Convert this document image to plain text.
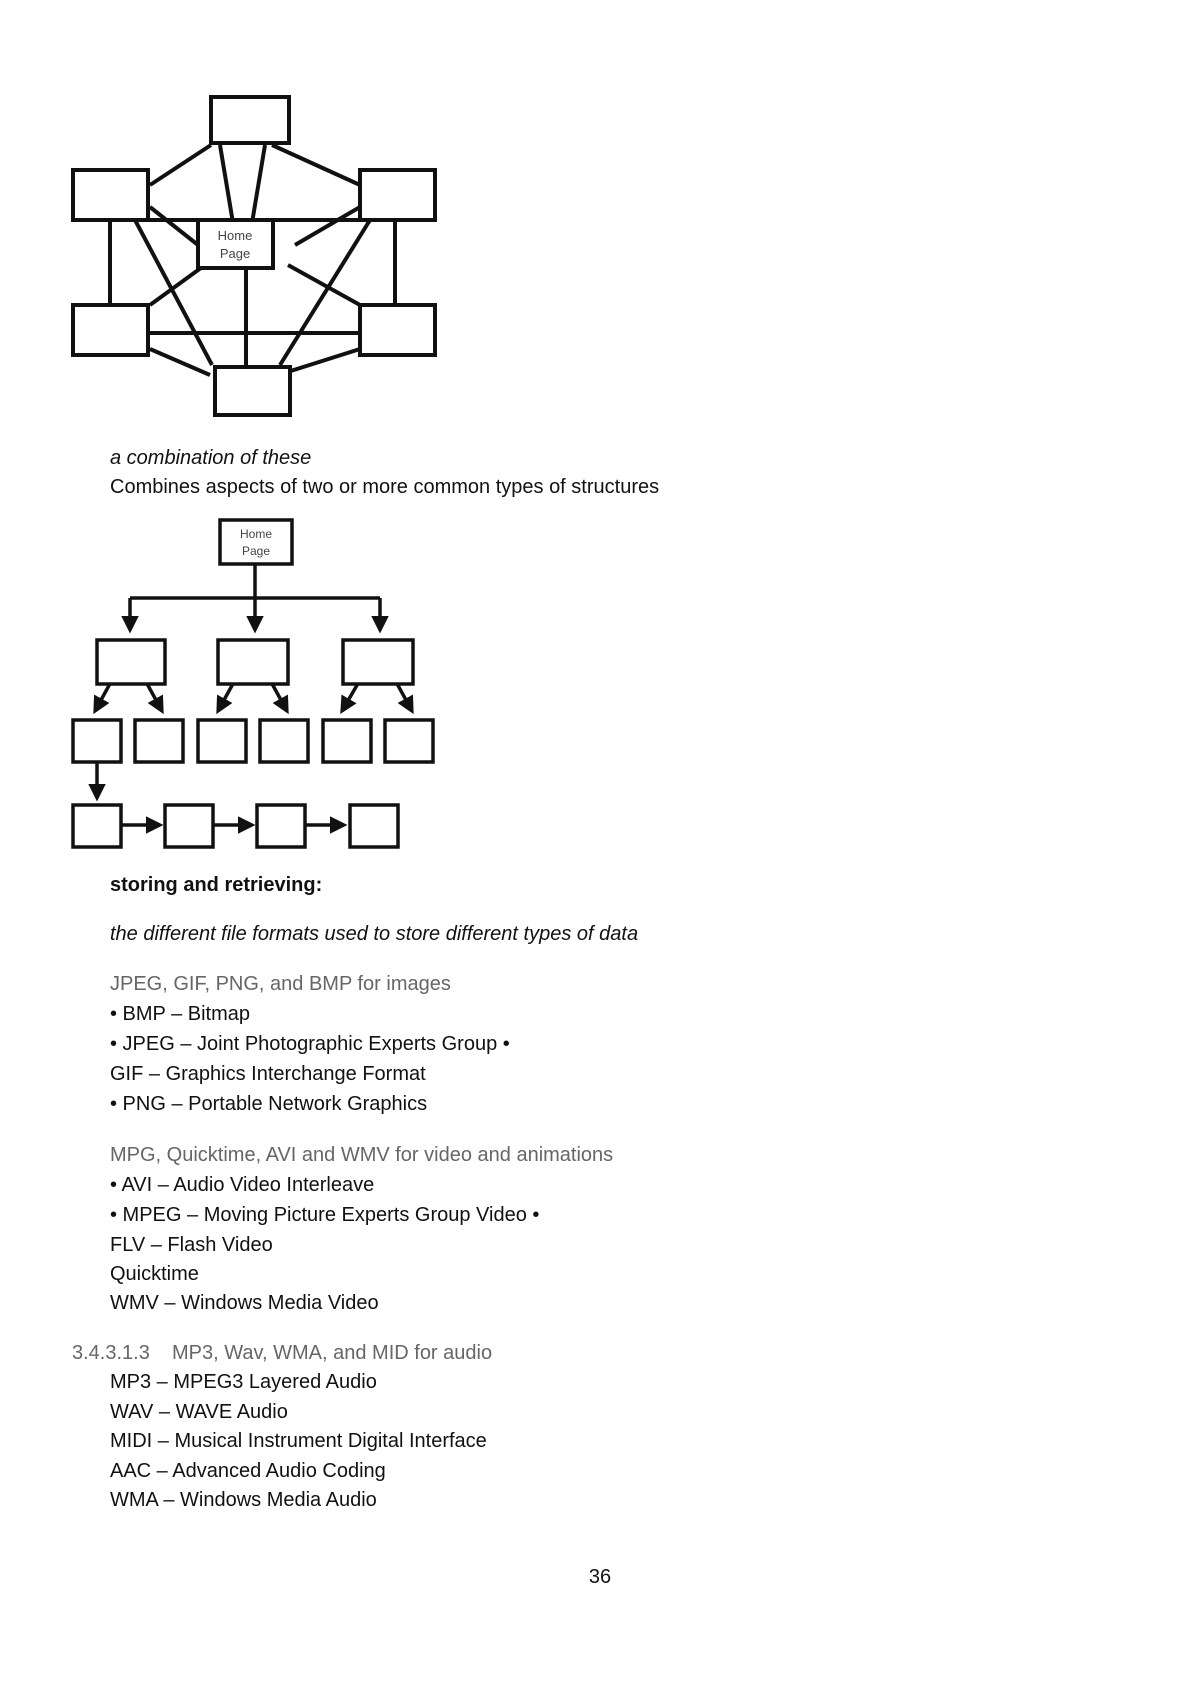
Home
Page
a combination of these
Combines aspects of two or more common types of structures
Home
Page
storing and retrieving:
the different file formats used to store different types of data
JPEG, GIF, PNG, and BMP for images
• BMP – Bitmap
• JPEG – Joint Photographic Experts Group •
GIF – Graphics Interchange Format
• PNG – Portable Network Graphics
MPG, Quicktime, AVI and WMV for video and animations
• AVI – Audio Video Interleave
• MPEG – Moving Picture Experts Group Video •
FLV – Flash Video
Quicktime
WMV – Windows Media Video
3.4.3.1.3 MP3, Wav, WMA, and MID for audio
MP3 – MPEG3 Layered Audio
WAV – WAVE Audio
MIDI – Musical Instrument Digital Interface
AAC – Advanced Audio Coding
WMA – Windows Media Audio
36
